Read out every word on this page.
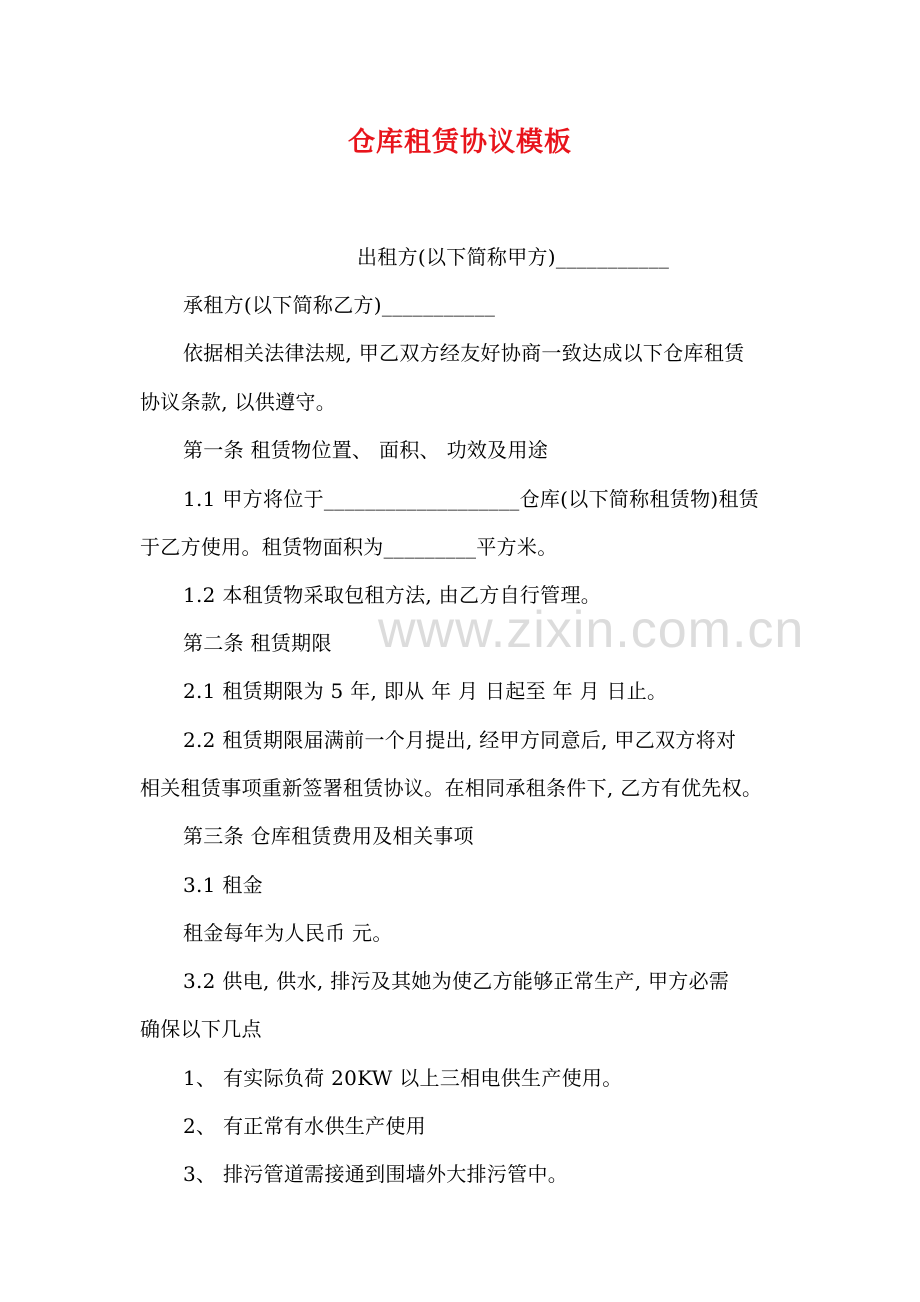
仓库租赁协议模板
www.zixin.com.cn
出租方(以下简称甲方)___________
承租方(以下简称乙方)___________
依据相关法律法规, 甲乙双方经友好协商一致达成以下仓库租赁
协议条款, 以供遵守。
第一条 租赁物位置、 面积、 功效及用途
1.1 甲方将位于___________________仓库(以下简称租赁物)租赁
于乙方使用。租赁物面积为_________平方米。
1.2 本租赁物采取包租方法, 由乙方自行管理。
第二条 租赁期限
2.1 租赁期限为 5 年, 即从 年 月 日起至 年 月 日止。
2.2 租赁期限届满前一个月提出, 经甲方同意后, 甲乙双方将对
相关租赁事项重新签署租赁协议。在相同承租条件下, 乙方有优先权。
第三条 仓库租赁费用及相关事项
3.1 租金
租金每年为人民币 元。
3.2 供电, 供水, 排污及其她为使乙方能够正常生产, 甲方必需
确保以下几点
1、 有实际负荷 20KW 以上三相电供生产使用。
2、 有正常有水供生产使用
3、 排污管道需接通到围墙外大排污管中。
